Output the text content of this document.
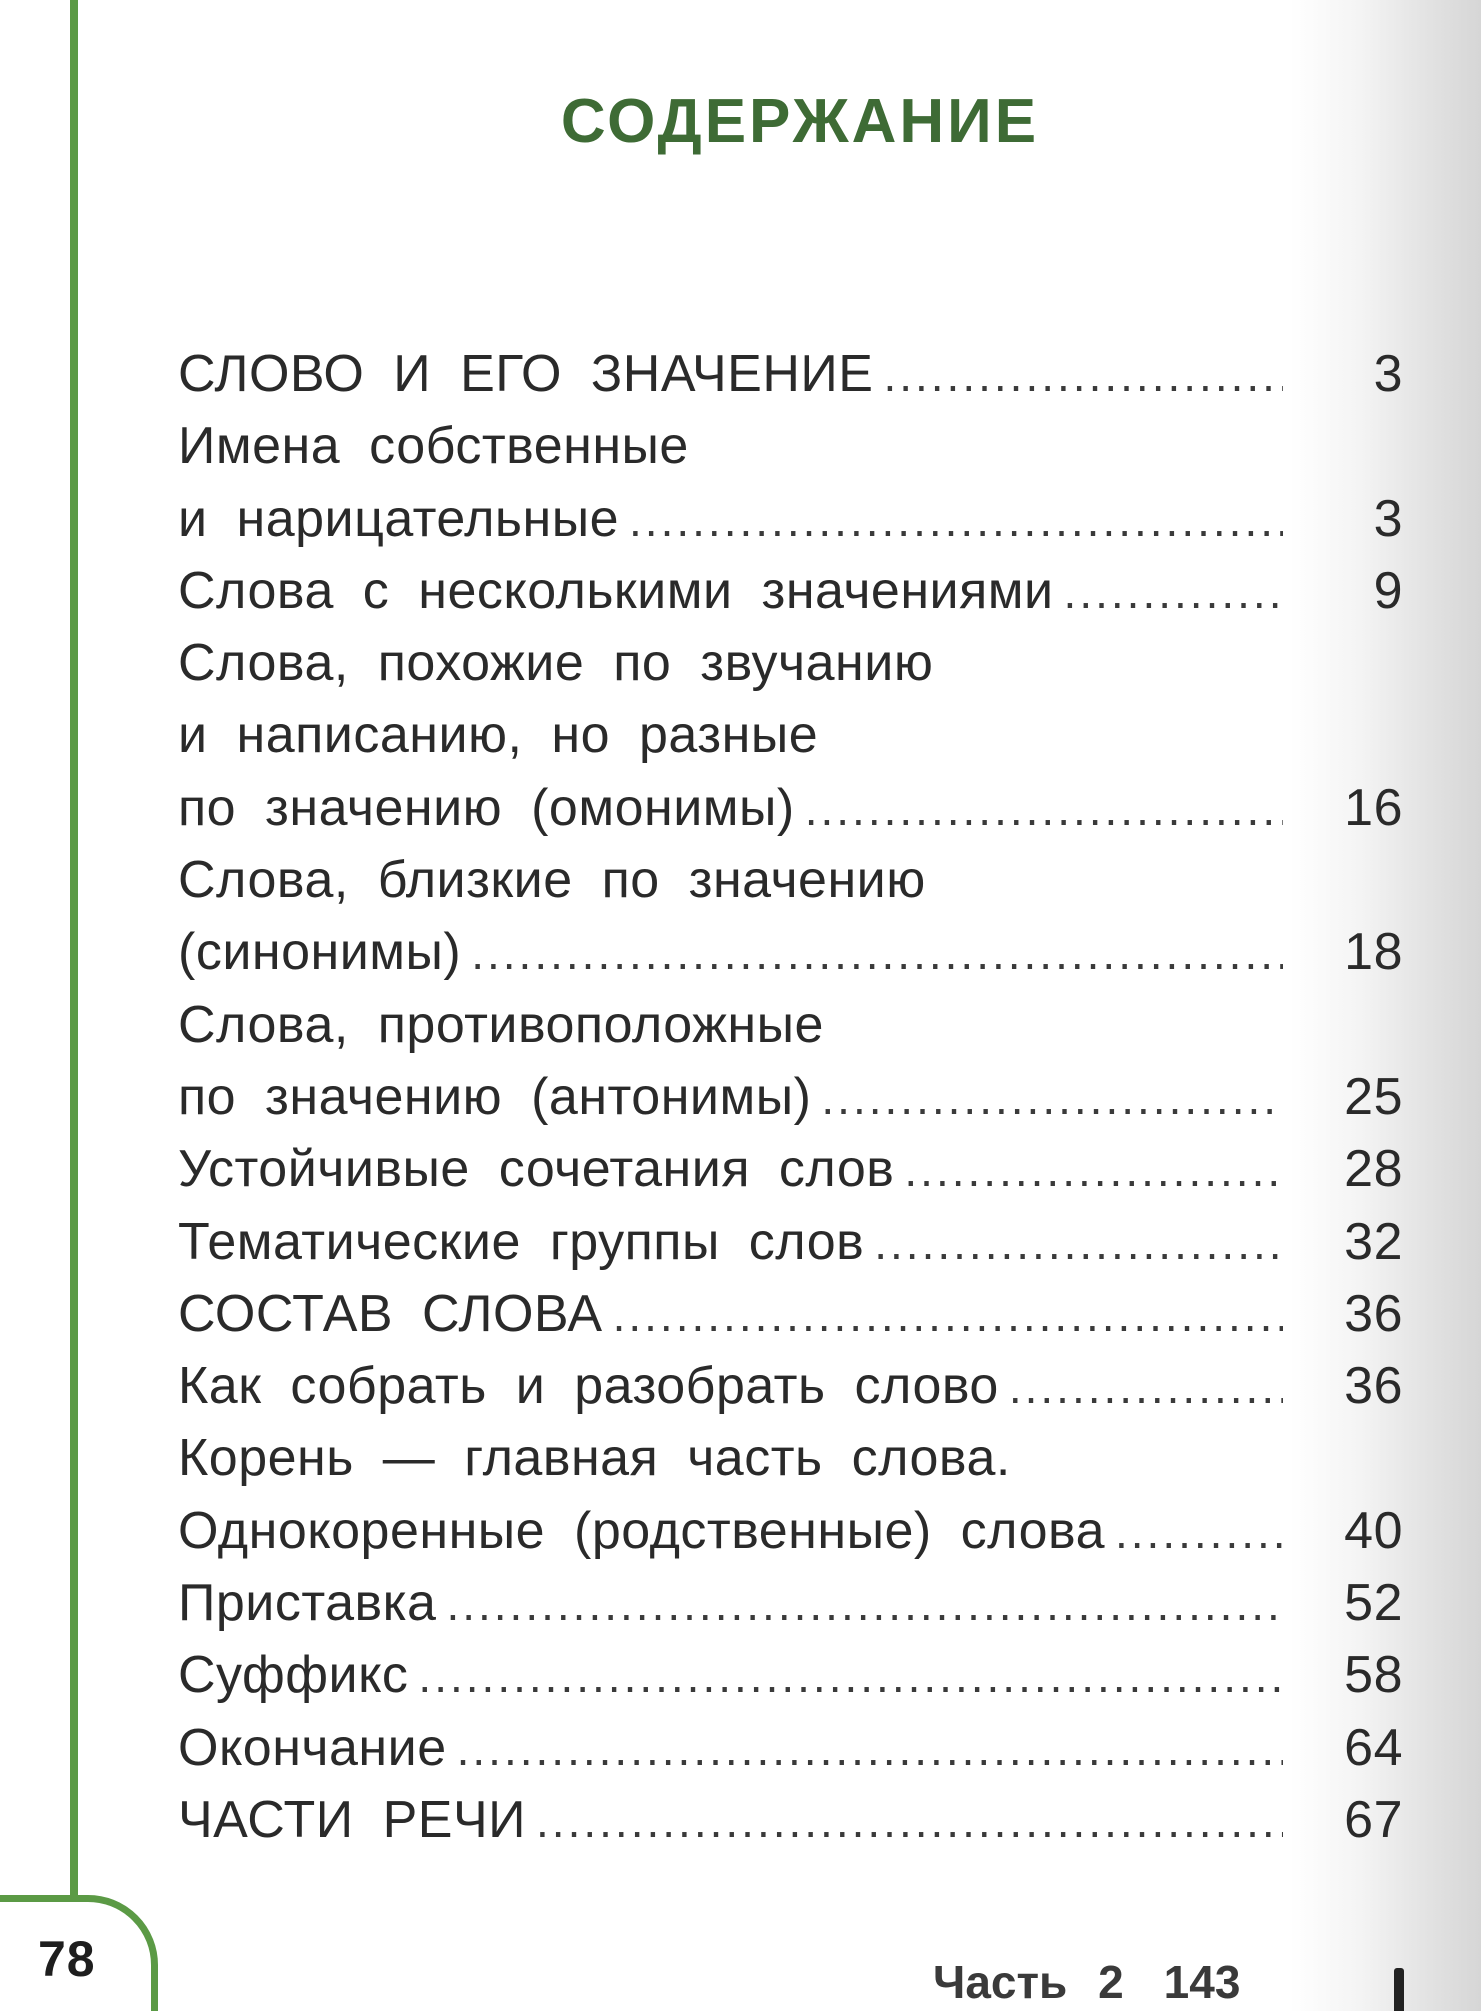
СОДЕРЖАНИЕ
СЛОВО И ЕГО ЗНАЧЕНИЕ .....	3
Имена собственные
и нарицательные .....	3
Слова с несколькими значениями .....	9
Слова, похожие по звучанию
и написанию, но разные
по значению (омонимы) .....	16
Слова, близкие по значению
(синонимы) .....	18
Слова, противоположные
по значению (антонимы) .....	25
Устойчивые сочетания слов .....	28
Тематические группы слов .....	32
СОСТАВ СЛОВА .....	36
Как собрать и разобрать слово .....	36
Корень — главная часть слова.
Однокоренные (родственные) слова .....	40
Приставка .....	52
Суффикс .....	58
Окончание .....	64
ЧАСТИ РЕЧИ .....	67
78	Часть 2 143
